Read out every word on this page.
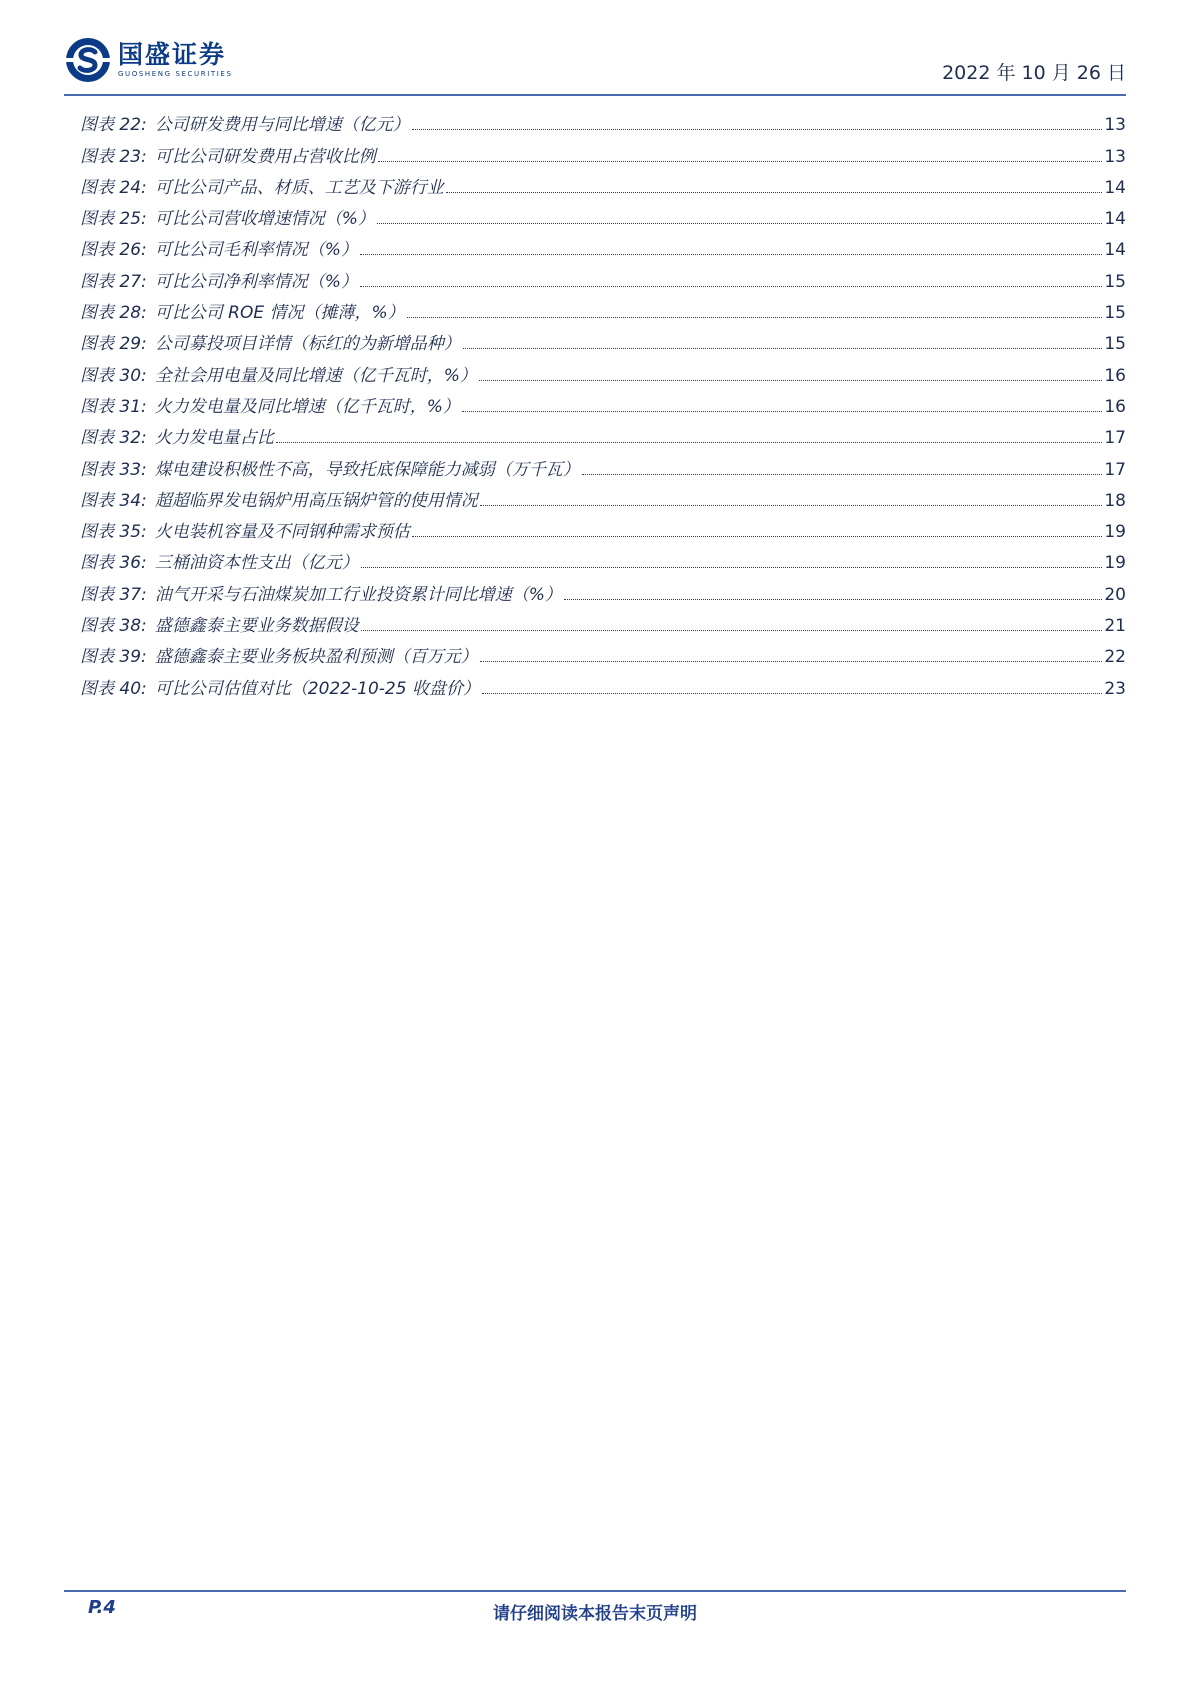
国盛证券
GUOSHENG SECURITIES	2022 年 10 月 26 日
图表 22: 公司研发费用与同比增速（亿元）	13
图表 23: 可比公司研发费用占营收比例	13
图表 24: 可比公司产品、材质、工艺及下游行业	14
图表 25: 可比公司营收增速情况（%）	14
图表 26: 可比公司毛利率情况（%）	14
图表 27: 可比公司净利率情况（%）	15
图表 28: 可比公司 ROE 情况（摊薄，%）	15
图表 29: 公司募投项目详情（标红的为新增品种）	15
图表 30: 全社会用电量及同比增速（亿千瓦时，%）	16
图表 31: 火力发电量及同比增速（亿千瓦时，%）	16
图表 32: 火力发电量占比	17
图表 33: 煤电建设积极性不高，导致托底保障能力减弱（万千瓦）	17
图表 34: 超超临界发电锅炉用高压锅炉管的使用情况	18
图表 35: 火电装机容量及不同钢种需求预估	19
图表 36: 三桶油资本性支出（亿元）	19
图表 37: 油气开采与石油煤炭加工行业投资累计同比增速（%）	20
图表 38: 盛德鑫泰主要业务数据假设	21
图表 39: 盛德鑫泰主要业务板块盈利预测（百万元）	22
图表 40: 可比公司估值对比（2022-10-25 收盘价）	23
P.4	请仔细阅读本报告末页声明
